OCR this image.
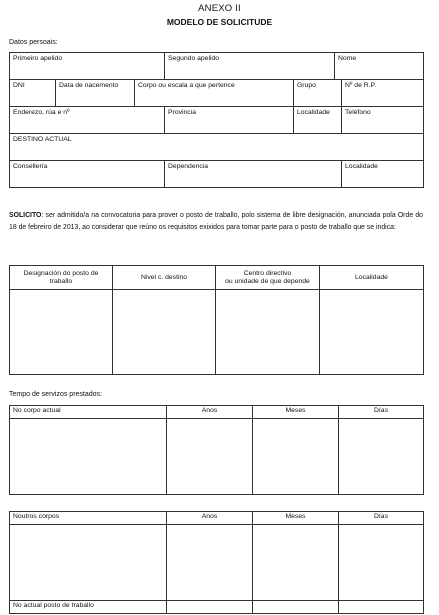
ANEXO II
MODELO DE SOLICITUDE
Datos persoais:
Primeiro apelido			Segundo apelido		Nome	
DNI	Data de nacemento	Corpo ou escala a que pertence		Grupo		Nº de R.P.
Enderezo, rúa e nº			Provincia	Localidade		Teléfono
DESTINO ACTUAL						
Consellería			Dependencia			Localidade
SOLICITO: ser admitido/a na convocatoria para prover o posto de traballo, polo sistema de libre designación, anunciada pola Orde do 18 de febreiro de 2013, ao considerar que reúno os requisitos exixidos para tomar parte para o posto de traballo que se indica:
Designación do posto de traballo	Nivel c. destino	Centro directivo
ou unidade de que depende	Localidade

Tempo de servizos prestados:
No corpo actual	Anos	Meses	Días

Noutros corpos	Anos	Meses	Días

No actual posto de traballo			
